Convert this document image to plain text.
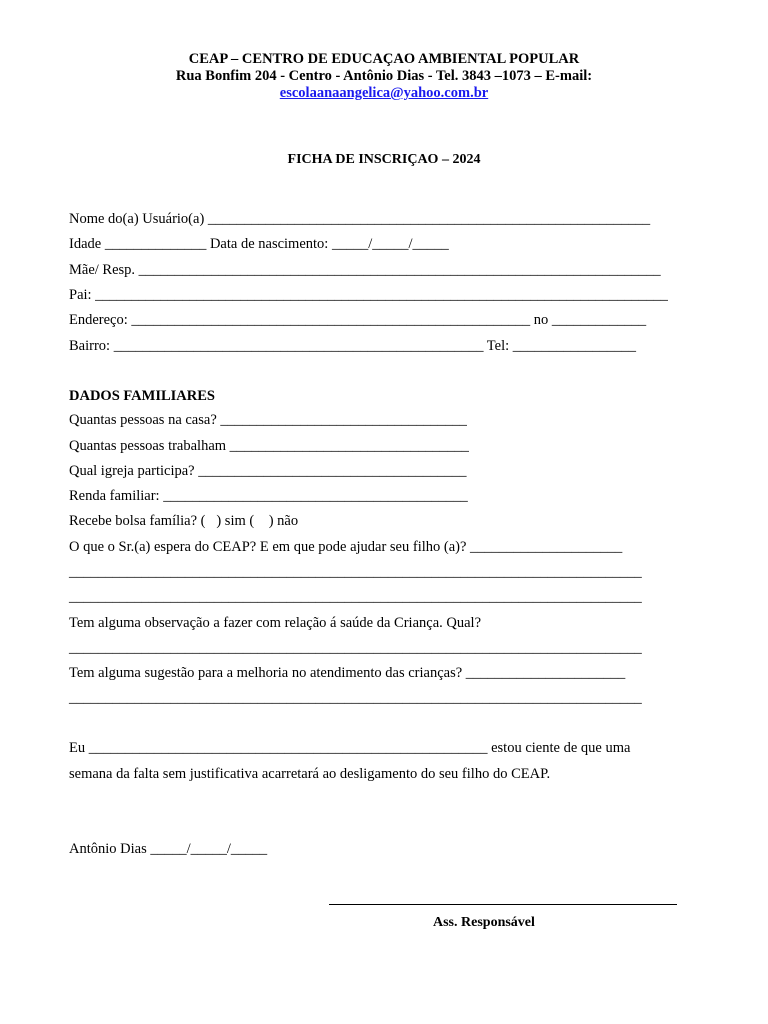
CEAP – CENTRO DE EDUCAÇAO AMBIENTAL POPULAR
Rua Bonfim 204 - Centro - Antônio Dias - Tel. 3843 –1073 – E-mail:
escolaanaangelica@yahoo.com.br
FICHA DE INSCRIÇAO – 2024
Nome do(a) Usuário(a) _____________________________________________________________
Idade ______________ Data de nascimento: _____/_____/_____
Mãe/ Resp. ________________________________________________________________________
Pai: _______________________________________________________________________________
Endereço: _______________________________________________________ no _____________
Bairro: ___________________________________________________ Tel: _________________
DADOS FAMILIARES
Quantas pessoas na casa? __________________________________
Quantas pessoas trabalham _________________________________
Qual igreja participa? _____________________________________
Renda familiar: __________________________________________
Recebe bolsa família? (   ) sim (    ) não
O que o Sr.(a) espera do CEAP? E em que pode ajudar seu filho (a)? _____________________
_______________________________________________________________________________
_______________________________________________________________________________
Tem alguma observação a fazer com relação á saúde da Criança. Qual?
_______________________________________________________________________________
Tem alguma sugestão para a melhoria no atendimento das crianças? ______________________
_______________________________________________________________________________
Eu _______________________________________________________ estou ciente de que uma
semana da falta sem justificativa acarretará ao desligamento do seu filho do CEAP.
Antônio Dias _____/_____/_____
Ass. Responsável
